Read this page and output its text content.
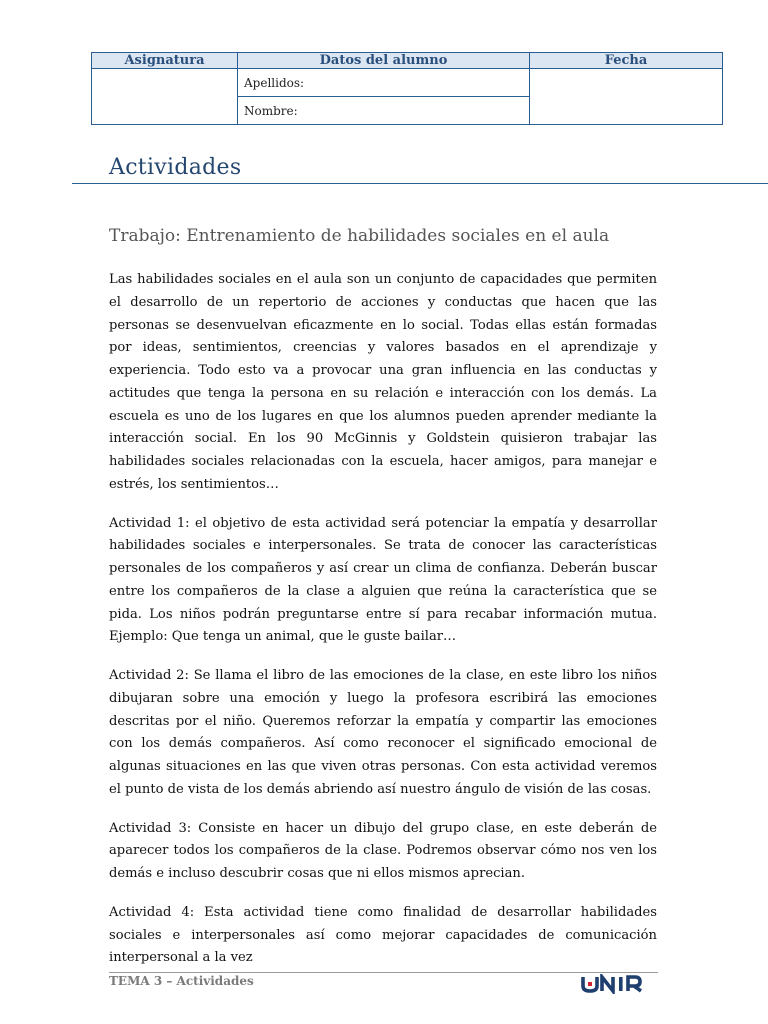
Asignatura	Datos del alumno	Fecha
	Apellidos:	
	Nombre:	
Actividades
Trabajo: Entrenamiento de habilidades sociales en el aula

Las habilidades sociales en el aula son un conjunto de capacidades que permiten el desarrollo de un repertorio de acciones y conductas que hacen que las personas se desenvuelvan eficazmente en lo social. Todas ellas están formadas por ideas, sentimientos, creencias y valores basados en el aprendizaje y experiencia. Todo esto va a provocar una gran influencia en las conductas y actitudes que tenga la persona en su relación e interacción con los demás. La escuela es uno de los lugares en que los alumnos pueden aprender mediante la interacción social. En los 90 McGinnis y Goldstein quisieron trabajar las habilidades sociales relacionadas con la escuela, hacer amigos, para manejar e estrés, los sentimientos…

Actividad 1: el objetivo de esta actividad será potenciar la empatía y desarrollar habilidades sociales e interpersonales. Se trata de conocer las características personales de los compañeros y así crear un clima de confianza. Deberán buscar entre los compañeros de la clase a alguien que reúna la característica que se pida. Los niños podrán preguntarse entre sí para recabar información mutua. Ejemplo: Que tenga un animal, que le guste bailar…

Actividad 2: Se llama el libro de las emociones de la clase, en este libro los niños dibujaran sobre una emoción y luego la profesora escribirá las emociones descritas por el niño. Queremos reforzar la empatía y compartir las emociones con los demás compañeros. Así como reconocer el significado emocional de algunas situaciones en las que viven otras personas. Con esta actividad veremos el punto de vista de los demás abriendo así nuestro ángulo de visión de las cosas.

Actividad 3: Consiste en hacer un dibujo del grupo clase, en este deberán de aparecer todos los compañeros de la clase. Podremos observar cómo nos ven los demás e incluso descubrir cosas que ni ellos mismos aprecian.

Actividad 4: Esta actividad tiene como finalidad de desarrollar habilidades sociales e interpersonales así como mejorar capacidades de comunicación interpersonal a la vez

TEMA 3 – Actividades
